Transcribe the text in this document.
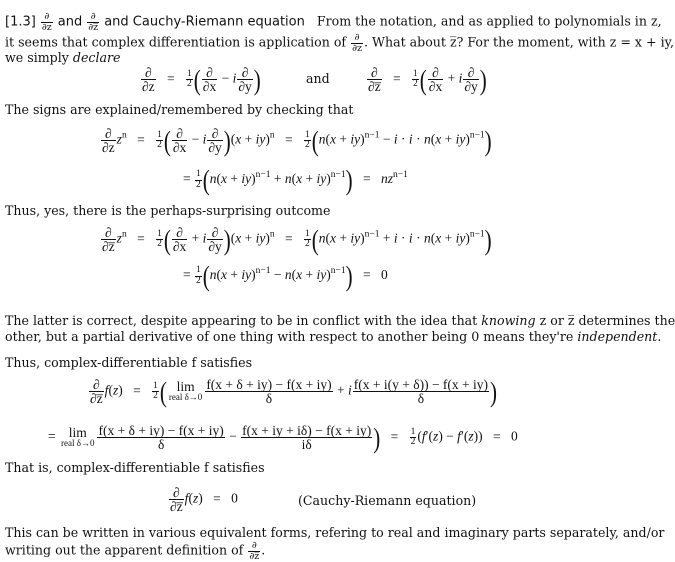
[1.3] ∂
∂z and ∂
∂z̅ and Cauchy-Riemann equation From the notation, and as applied to polynomials in z,
it seems that complex differentiation is application of ∂
∂z . What about z̅? For the moment, with z = x + iy,
we simply declare
∂
∂z
= $\frac{1}{2}$ ( ∂
∂x
− i ∂
∂y )	and	∂
∂z̅
= $\frac{1}{2}$ ( ∂
∂x
+ i ∂
∂y )
The signs are explained/remembered by checking that
∂
∂z
$z^n = \frac{1}{2}$ ( ∂
∂x
− i ∂
∂y )$(x + iy)^n = \frac{1}{2} (n(x + iy)^{n-1} - i \cdot i \cdot n(x + iy)^{n-1})$
= $\frac{1}{2} (n(x + iy)^{n-1} + n(x + iy)^{n-1}) = nz^{n-1}$
Thus, yes, there is the perhaps-surprising outcome
∂
∂z̅
$z^n = \frac{1}{2}$ ( ∂
∂x
+ i ∂
∂y )$(x + iy)^n = \frac{1}{2} (n(x + iy)^{n-1} + i \cdot i \cdot n(x + iy)^{n-1})$
= $\frac{1}{2} (n(x + iy)^{n-1} - n(x + iy)^{n-1}) = 0$
The latter is correct, despite appearing to be in conflict with the idea that knowing z or z̅ determines the
other, but a partial derivative of one thing with respect to another being 0 means they're independent.
Thus, complex-differentiable f satisfies
∂
∂z̅
$f(z) = \frac{1}{2}$ ( lim
real $\delta\to 0 \frac{f(x + \delta + iy) - f(x + iy)}{\delta} + i \frac{f(x + i(y + \delta)) - f(x + iy)}{\delta}$ )
= lim
real $\delta\to 0 \frac{f(x + \delta + iy) - f(x + iy)}{\delta} - \frac{f(x + iy + i\delta) - f(x + iy)}{i\delta}$ ) = $\frac{1}{2} (f'(z) - f'(z)) = 0$
That is, complex-differentiable f satisfies
∂
∂z̅
f(z) = 0	(Cauchy-Riemann equation)
This can be written in various equivalent forms, refering to real and imaginary parts separately, and/or
writing out the apparent definition of ∂
∂z̅ .
